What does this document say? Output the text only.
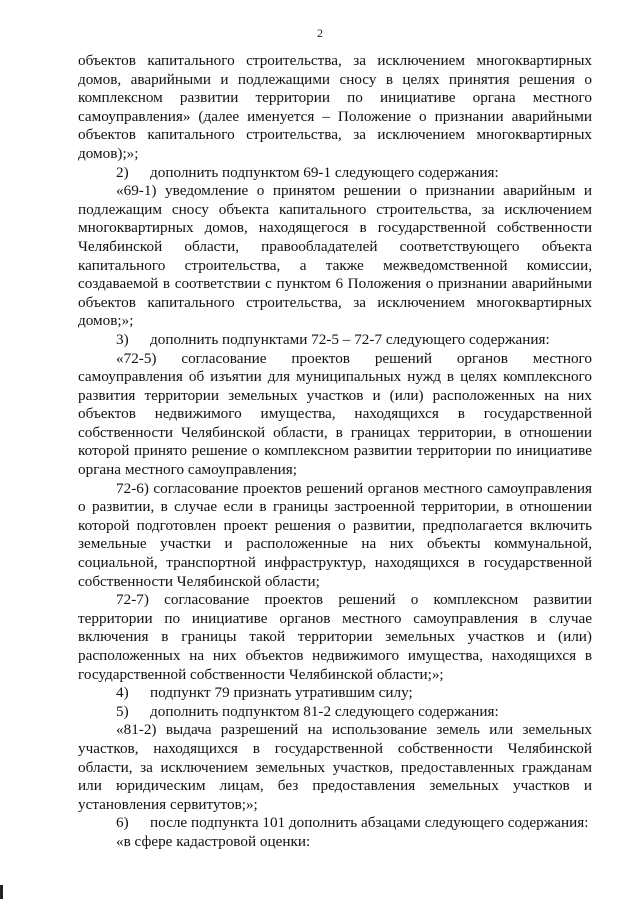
2

объектов капитального строительства, за исключением многоквартирных домов, аварийными и подлежащими сносу в целях принятия решения о комплексном развитии территории по инициативе органа местного самоуправления» (далее именуется – Положение о признании аварийными объектов капитального строительства, за исключением многоквартирных домов);»;

2)	дополнить подпунктом 69-1 следующего содержания:

«69-1) уведомление о принятом решении о признании аварийным и подлежащим сносу объекта капитального строительства, за исключением многоквартирных домов, находящегося в государственной собственности Челябинской области, правообладателей соответствующего объекта капитального строительства, а также межведомственной комиссии, создаваемой в соответствии с пунктом 6 Положения о признании аварийными объектов капитального строительства, за исключением многоквартирных домов;»;

3)	дополнить подпунктами 72-5 – 72-7 следующего содержания:

«72-5) согласование проектов решений органов местного самоуправления об изъятии для муниципальных нужд в целях комплексного развития территории земельных участков и (или) расположенных на них объектов недвижимого имущества, находящихся в государственной собственности Челябинской области, в границах территории, в отношении которой принято решение о комплексном развитии территории по инициативе органа местного самоуправления;

72-6) согласование проектов решений органов местного самоуправления о развитии, в случае если в границы застроенной территории, в отношении которой подготовлен проект решения о развитии, предполагается включить земельные участки и расположенные на них объекты коммунальной, социальной, транспортной инфраструктур, находящихся в государственной собственности Челябинской области;

72-7) согласование проектов решений о комплексном развитии территории по инициативе органов местного самоуправления в случае включения в границы такой территории земельных участков и (или) расположенных на них объектов недвижимого имущества, находящихся в государственной собственности Челябинской области;»;

4)	подпункт 79 признать утратившим силу;
5)	дополнить подпунктом 81-2 следующего содержания:

«81-2) выдача разрешений на использование земель или земельных участков, находящихся в государственной собственности Челябинской области, за исключением земельных участков, предоставленных гражданам или юридическим лицам, без предоставления земельных участков и установления сервитутов;»;

6)	после подпункта 101 дополнить абзацами следующего содержания:

«в сфере кадастровой оценки:
